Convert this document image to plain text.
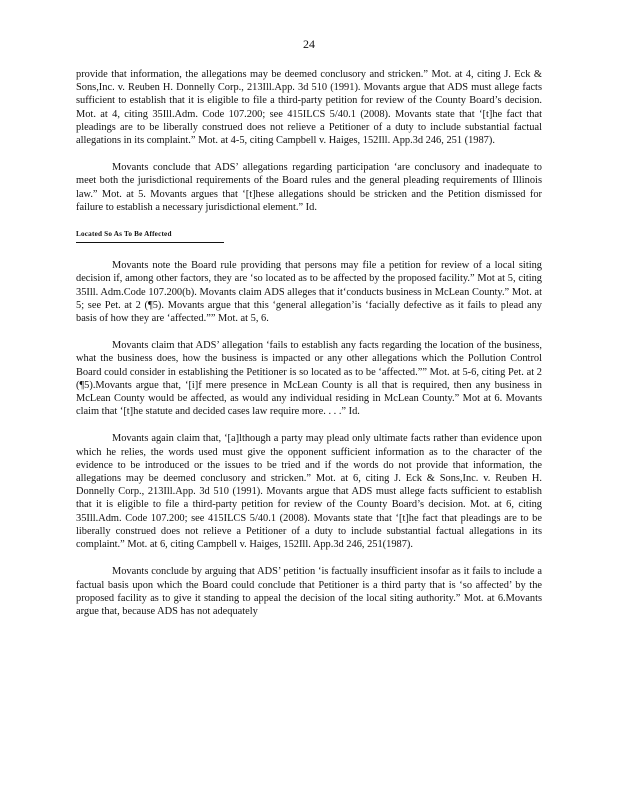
24

provide that information, the allegations may be deemed conclusory and stricken.” Mot. at 4, citing J. Eck & Sons,Inc. v. Reuben H. Donnelly Corp., 213Ill.App. 3d 510 (1991). Movants argue that ADS must allege facts sufficient to establish that it is eligible to file a third-party petition for review of the County Board’s decision. Mot. at 4, citing 35Ill.Adm. Code 107.200; see 415ILCS 5/40.1 (2008). Movants state that ‘[t]he fact that pleadings are to be liberally construed does not relieve a Petitioner of a duty to include substantial factual allegations in its complaint.” Mot. at 4-5, citing Campbell v. Haiges, 152Ill. App.3d 246, 251 (1987).

Movants conclude that ADS’ allegations regarding participation ‘are conclusory and inadequate to meet both the jurisdictional requirements of the Board rules and the general pleading requirements of Illinois law.” Mot. at 5. Movants argues that ‘[t]hese allegations should be stricken and the Petition dismissed for failure to establish a necessary jurisdictional element.” Id.

Located So As To Be Affected

Movants note the Board rule providing that persons may file a petition for review of a local siting decision if, among other factors, they are ‘so located as to be affected by the proposed facility.” Mot at 5, citing 35Ill. Adm.Code 107.200(b). Movants claim ADS alleges that it‘conducts business in McLean County.” Mot. at 5; see Pet. at 2 (¶5). Movants argue that this ‘general allegation’is ‘facially defective as it fails to plead any basis of how they are ‘affected.”” Mot. at 5, 6.

Movants claim that ADS’ allegation ‘fails to establish any facts regarding the location of the business, what the business does, how the business is impacted or any other allegations which the Pollution Control Board could consider in establishing the Petitioner is so located as to be ‘affected.”” Mot. at 5-6, citing Pet. at 2 (¶5).Movants argue that, ‘[i]f mere presence in McLean County is all that is required, then any business in McLean County would be affected, as would any individual residing in McLean County.” Mot at 6. Movants claim that ‘[t]he statute and decided cases law require more. . . .” Id.

Movants again claim that, ‘[a]lthough a party may plead only ultimate facts rather than evidence upon which he relies, the words used must give the opponent sufficient information as to the character of the evidence to be introduced or the issues to be tried and if the words do not provide that information, the allegations may be deemed conclusory and stricken.” Mot. at 6, citing J. Eck & Sons,Inc. v. Reuben H. Donnelly Corp., 213Ill.App. 3d 510 (1991). Movants argue that ADS must allege facts sufficient to establish that it is eligible to file a third-party petition for review of the County Board’s decision. Mot. at 6, citing 35Ill.Adm. Code 107.200; see 415ILCS 5/40.1 (2008). Movants state that ‘[t]he fact that pleadings are to be liberally construed does not relieve a Petitioner of a duty to include substantial factual allegations in its complaint.” Mot. at 6, citing Campbell v. Haiges, 152Ill. App.3d 246, 251(1987).

Movants conclude by arguing that ADS’ petition ‘is factually insufficient insofar as it fails to include a factual basis upon which the Board could conclude that Petitioner is a third party that is ‘so affected’ by the proposed facility as to give it standing to appeal the decision of the local siting authority.” Mot. at 6.Movants argue that, because ADS has not adequately
